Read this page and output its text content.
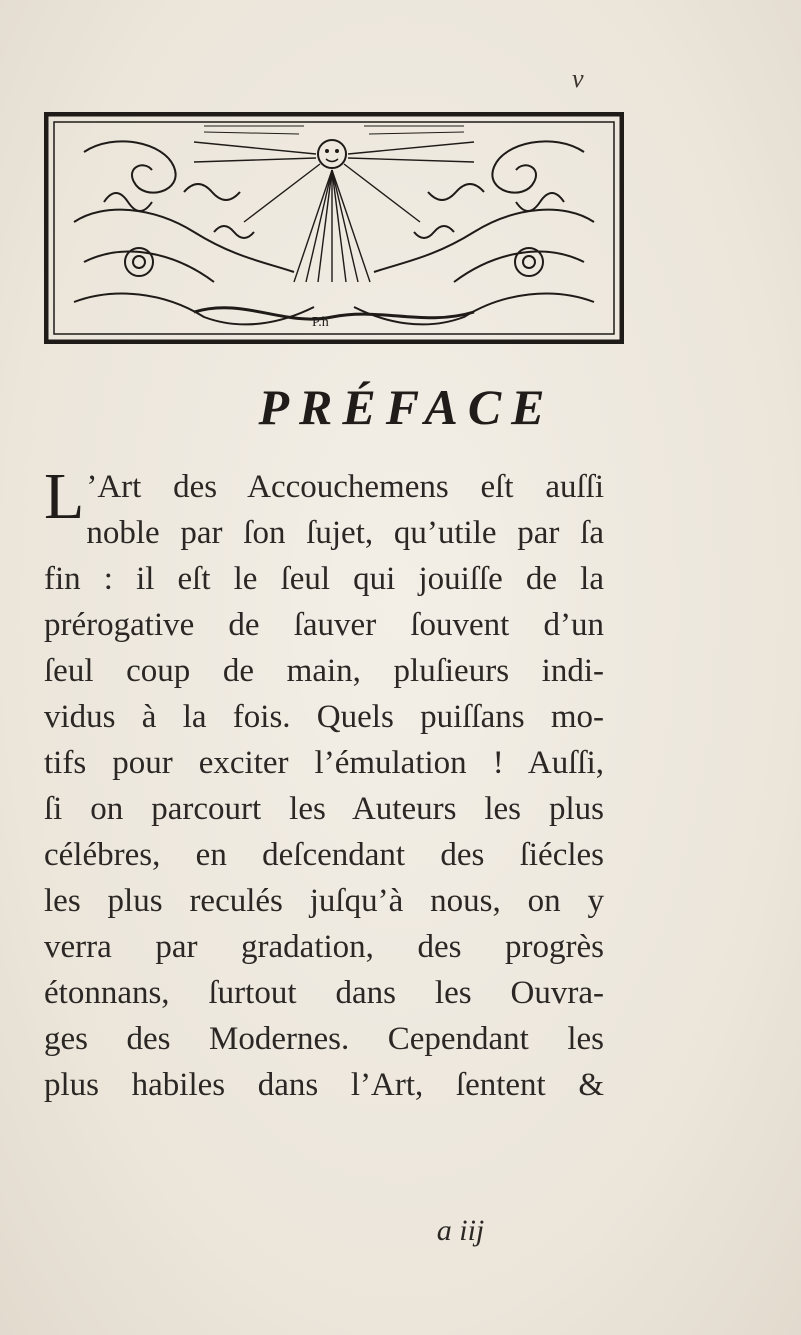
v
P.h
PRÉFACE
L ’Art des Accouchemens eſt auſſi
noble par ſon ſujet, qu’utile par ſa
fin : il eſt le ſeul qui jouiſſe de la
prérogative de ſauver ſouvent d’un
ſeul coup de main, pluſieurs indi-
vidus à la fois. Quels puiſſans mo-
tifs pour exciter l’émulation ! Auſſi,
ſi on parcourt les Auteurs les plus
célébres, en deſcendant des ſiécles
les plus reculés juſqu’à nous, on y
verra par gradation, des progrès
étonnans, ſurtout dans les Ouvra-
ges des Modernes. Cependant les
plus habiles dans l’Art, ſentent &
a iij
